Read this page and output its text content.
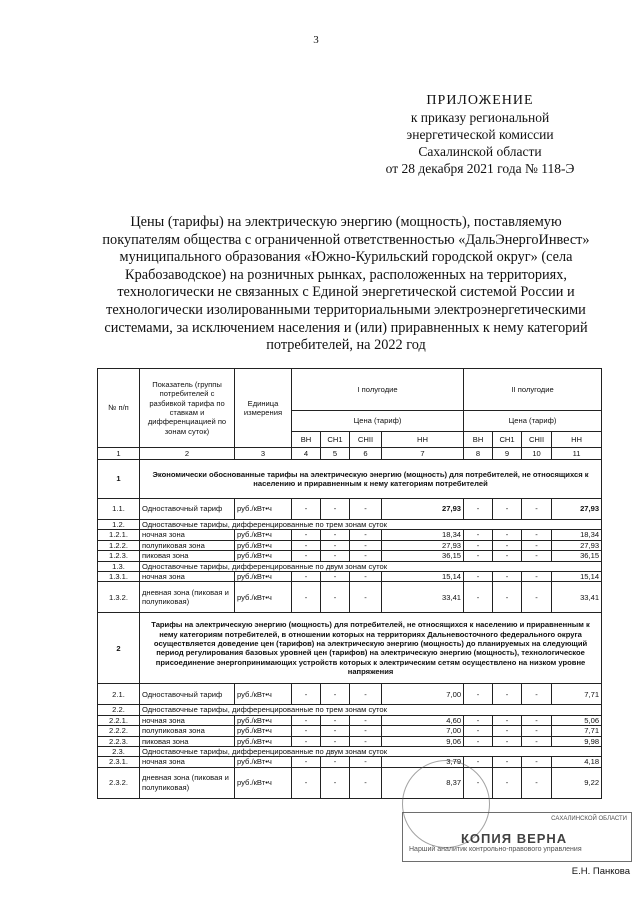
3
ПРИЛОЖЕНИЕ
к приказу региональной
энергетической комиссии
Сахалинской области
от 28 декабря 2021 года № 118-Э
Цены (тарифы) на электрическую энергию (мощность), поставляемую покупателям общества с ограниченной ответственностью «ДальЭнергоИнвест» муниципального образования «Южно-Курильский городской округ» (села Крабозаводское) на розничных рынках, расположенных на территориях, технологически не связанных с Единой энергетической системой России и технологически изолированными территориальными электроэнергетическими системами, за исключением населения и (или) приравненных к нему категорий потребителей, на 2022 год
№ п/п	Показатель (группы потребителей с разбивкой тарифа по ставкам и дифференциацией по зонам суток)	Единица измерения	I полугодие				II полугодие			
			Цена (тариф)				Цена (тариф)			
			ВН	СН1	СНII	НН	ВН	СН1	СНII	НН
1	2	3	4	5	6	7	8	9	10	11
1	Экономически обоснованные тарифы на электрическую энергию (мощность) для потребителей, не относящихся к населению и приравненным к нему категориям потребителей									
1.1.	Одноставочный тариф	руб./кВт•ч	-	-	-	27,93	-	-	-	27,93
1.2.	Одноставочные тарифы, дифференцированные по трем зонам суток									
1.2.1.	ночная зона	руб./кВт•ч	-	-	-	18,34	-	-	-	18,34
1.2.2.	полупиковая зона	руб./кВт•ч	-	-	-	27,93	-	-	-	27,93
1.2.3.	пиковая зона	руб./кВт•ч	-	-	-	36,15	-	-	-	36,15
1.3.	Одноставочные тарифы, дифференцированные по двум зонам суток									
1.3.1.	ночная зона	руб./кВт•ч	-	-	-	15,14	-	-	-	15,14
1.3.2.	дневная зона (пиковая и полупиковая)	руб./кВт•ч	-	-	-	33,41	-	-	-	33,41
2	Тарифы на электрическую энергию (мощность) для потребителей, не относящихся к населению и приравненным к нему категориям потребителей, в отношении которых на территориях Дальневосточного федерального округа осуществляется доведение цен (тарифов) на электрическую энергию (мощность) до планируемых на следующий период регулирования базовых уровней цен (тарифов) на электрическую энергию (мощность), технологическое присоединение энергопринимающих устройств которых к электрическим сетям осуществлено на низком уровне напряжения									
2.1.	Одноставочный тариф	руб./кВт•ч	-	-	-	7,00	-	-	-	7,71
2.2.	Одноставочные тарифы, дифференцированные по трем зонам суток									
2.2.1.	ночная зона	руб./кВт•ч	-	-	-	4,60	-	-	-	5,06
2.2.2.	полупиковая зона	руб./кВт•ч	-	-	-	7,00	-	-	-	7,71
2.2.3.	пиковая зона	руб./кВт•ч	-	-	-	9,06	-	-	-	9,98
2.3.	Одноставочные тарифы, дифференцированные по двум зонам суток									
2.3.1.	ночная зона	руб./кВт•ч	-	-	-	3,79	-	-	-	4,18
2.3.2.	дневная зона (пиковая и полупиковая)	руб./кВт•ч	-	-	-	8,37	-	-	-	9,22
САХАЛИНСКОЙ ОБЛАСТИ
КОПИЯ ВЕРНА
Нарший аналитик контрольно-правового управления
Е.Н. Панкова
